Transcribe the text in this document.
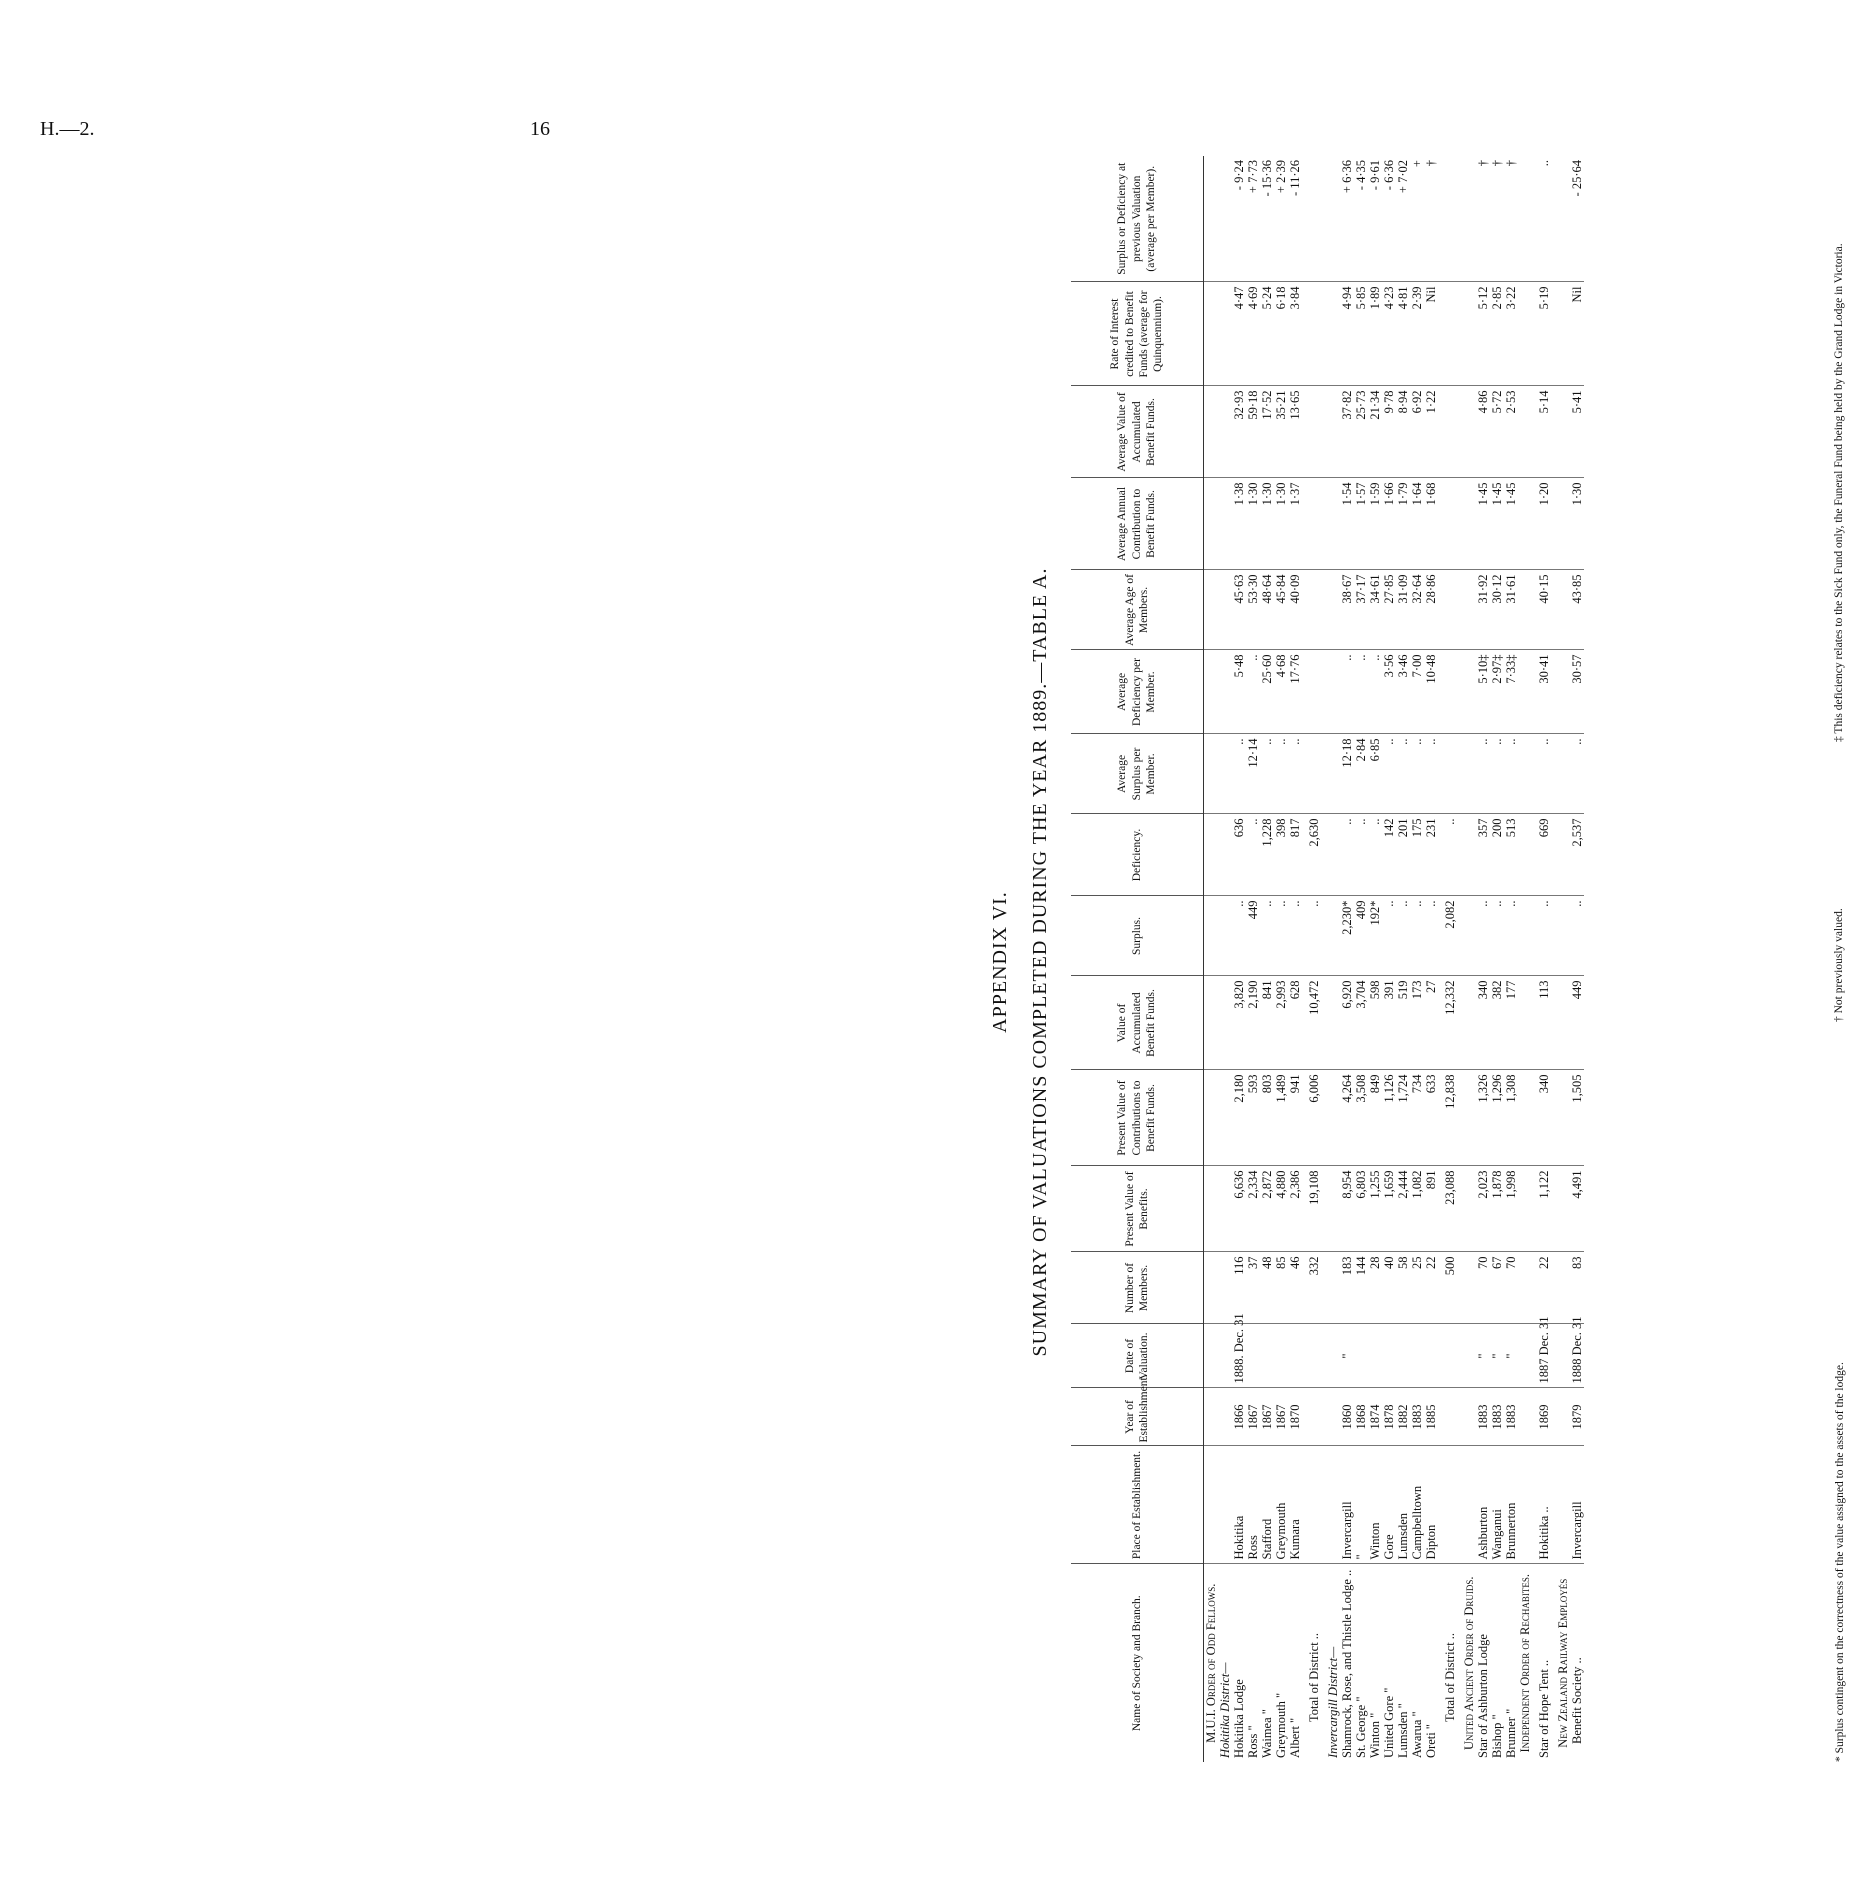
H.—2.	16
APPENDIX VI. SUMMARY OF VALUATIONS COMPLETED DURING THE YEAR 1889.—TABLE A.
Name of Society and Branch.	Place of Establishment.	Year of Establishment.	Date of Valuation.	Number of Members.	Present Value of Benefits.	Present Value of Contributions to Benefit Funds.	Value of Accumulated Benefit Funds.	Surplus.	Deficiency.	Average Surplus per Member.	Average Deficiency per Member.	Average Age of Members.	Average Annual Contribution to Benefit Funds.	Average Value of Accumulated Benefit Funds.	Rate of Interest credited to Benefit Funds (average for Quinquennium).	Surplus or Deficiency at previous Valuation (average per Member).
M.U.I. Order of Odd Fellows.																
Hokitika District—																
Hokitika Lodge	Hokitika	1866	1888. Dec. 31	116	6,636	2,180	3,820	..	636	..	5·48	45·63	1·38	32·93	4·47	- 9·24
Ross "	Ross	1867		37	2,334	593	2,190	449	..	12·14	..	53·30	1·30	59·18	4·69	+ 7·73
Waimea "	Stafford	1867		48	2,872	803	841	..	1,228	..	25·60	48·64	1·30	17·52	5·24	- 15·36
Greymouth "	Greymouth	1867		85	4,880	1,489	2,993	..	398	..	4·68	45·84	1·30	35·21	6·18	+ 2·39
Albert "	Kumara	1870		46	2,386	941	628	..	817	..	17·76	40·09	1·37	13·65	3·84	- 11·26
Total of District ..				332	19,108	6,006	10,472	..	2,630							
Invercargill District—																
Shamrock, Rose, and Thistle Lodge ..	Invercargill	1860	"	183	8,954	4,264	6,920	2,230*	..	12·18	..	38·67	1·54	37·82	4·94	+ 6·36
St. George "	"	1868		144	6,803	3,508	3,704	409	..	2·84	..	37·17	1·57	25·73	5·85	- 4·35
Winton "	Winton	1874		28	1,255	849	598	192*	..	6·85	..	34·61	1·59	21·34	1·89	- 9·61
United Gore "	Gore	1878		40	1,659	1,126	391	..	142	..	3·56	27·85	1·66	9·78	4·23	- 6·36
Lumsden "	Lumsden	1882		58	2,444	1,724	519	..	201	..	3·46	31·09	1·79	8·94	4·81	+ 7·02
Awarua "	Campbelltown	1883		25	1,082	734	173	..	175	..	7·00	32·64	1·64	6·92	2·39	+
Oreti "	Dipton	1885		22	891	633	27	..	231	..	10·48	28·86	1·68	1·22	Nil	†
Total of District ..				500	23,088	12,838	12,332	2,082	..							
United Ancient Order of Druids.																
Star of Ashburton Lodge	Ashburton	1883	"	70	2,023	1,326	340	..	357	..	5·10‡	31·92	1·45	4·86	5·12	†
Bishop "	Wanganui	1883	"	67	1,878	1,296	382	..	200	..	2·97‡	30·12	1·45	5·72	2·85	†
Brunner "	Brunnerton	1883	"	70	1,998	1,308	177	..	513	..	7·33‡	31·61	1·45	2·53	3·22	†
Independent Order of Rechabites.																
Star of Hope Tent ..	Hokitika ..	1869	1887 Dec. 31	22	1,122	340	113	..	669	..	30·41	40·15	1·20	5·14	5·19	..
New Zealand Railway Employés																
Benefit Society ..	Invercargill	1879	1888 Dec. 31	83	4,491	1,505	449	..	2,537	..	30·57	43·85	1·30	5·41	Nil	- 25·64
* Surplus contingent on the correctness of the value assigned to the assets of the lodge.
† Not previously valued.
‡ This deficiency relates to the Sick Fund only, the Funeral Fund being held by the Grand Lodge in Victoria.
